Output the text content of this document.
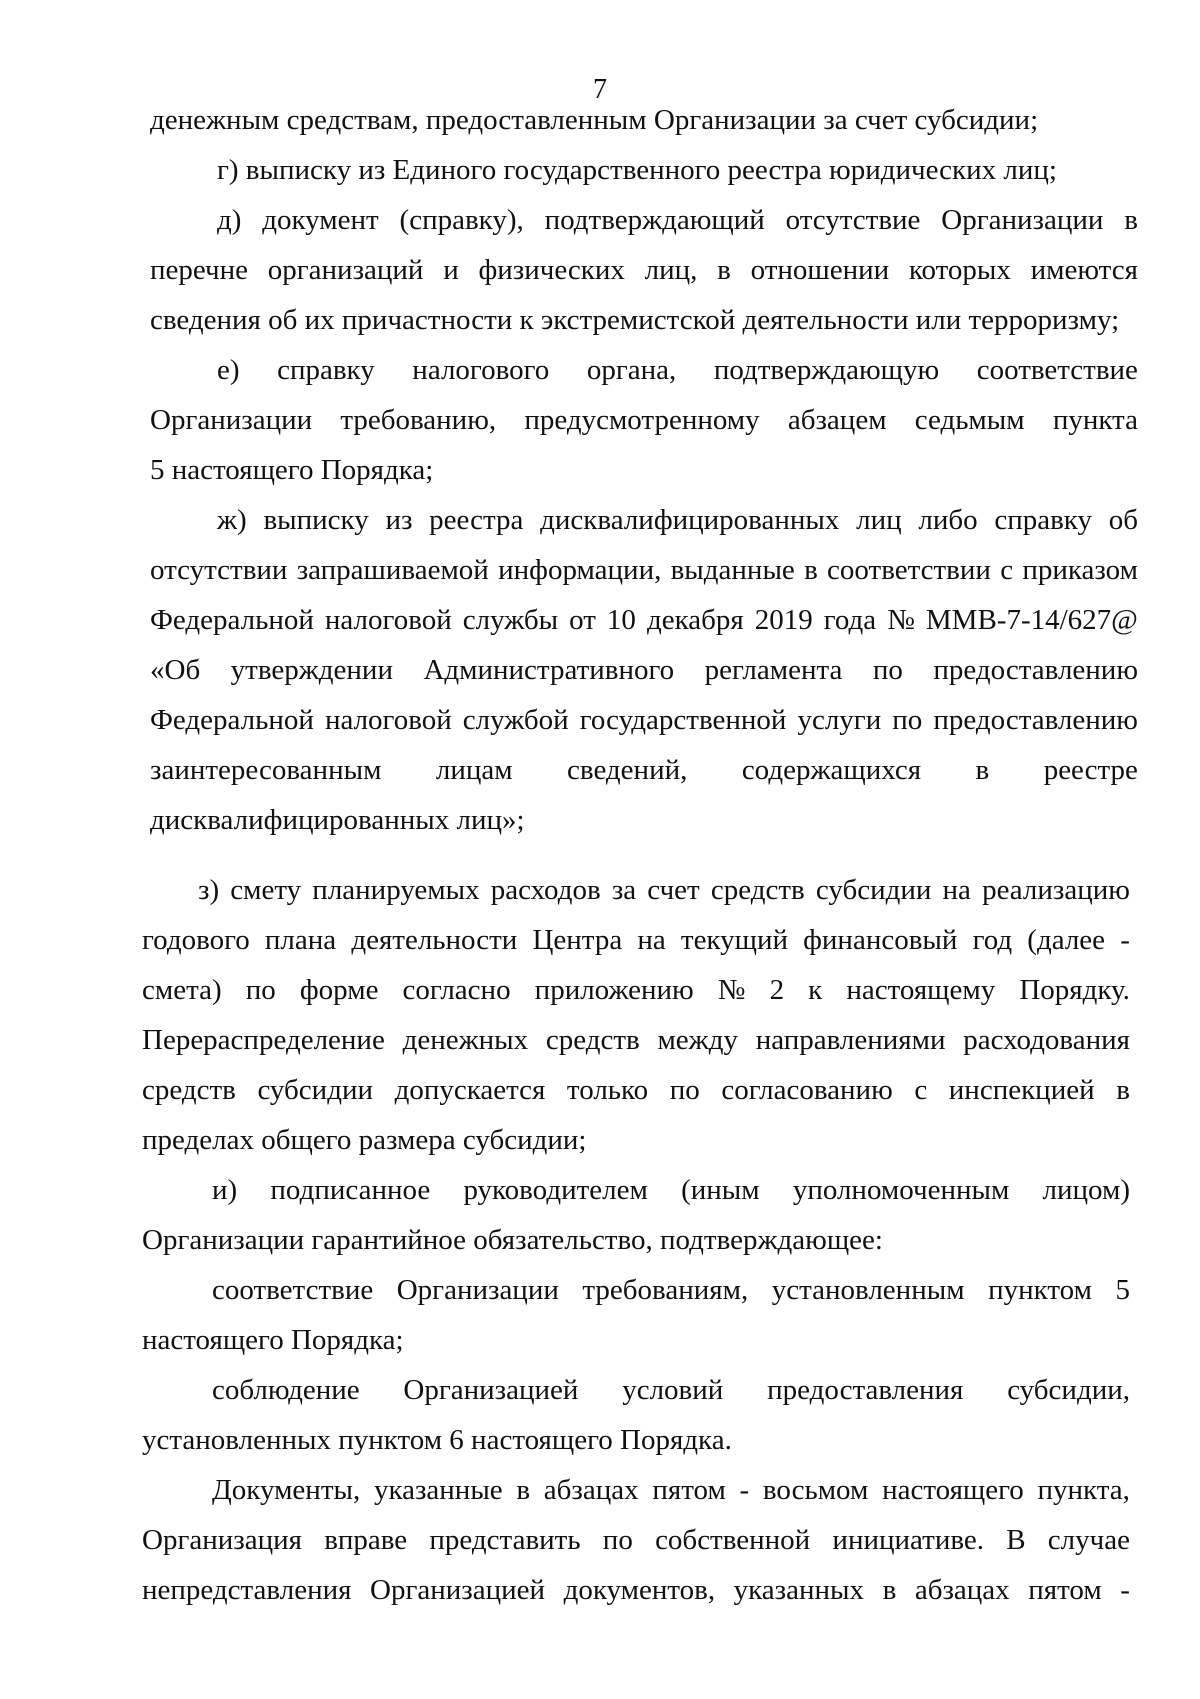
7
денежным средствам, предоставленным Организации за счет субсидии;
г) выписку из Единого государственного реестра юридических лиц;
д) документ (справку), подтверждающий отсутствие Организации в
перечне организаций и физических лиц, в отношении которых имеются
сведения об их причастности к экстремистской деятельности или терроризму;
е) справку налогового органа, подтверждающую соответствие
Организации требованию, предусмотренному абзацем седьмым пункта
5 настоящего Порядка;
ж) выписку из реестра дисквалифицированных лиц либо справку об
отсутствии запрашиваемой информации, выданные в соответствии с приказом
Федеральной налоговой службы от 10 декабря 2019 года № ММВ-7-14/627@
«Об утверждении Административного регламента по предоставлению
Федеральной налоговой службой государственной услуги по предоставлению
заинтересованным лицам сведений, содержащихся в реестре
дисквалифицированных лиц»;
з) смету планируемых расходов за счет средств субсидии на реализацию
годового плана деятельности Центра на текущий финансовый год (далее -
смета) по форме согласно приложению № 2 к настоящему Порядку.
Перераспределение денежных средств между направлениями расходования
средств субсидии допускается только по согласованию с инспекцией в
пределах общего размера субсидии;
и) подписанное руководителем (иным уполномоченным лицом)
Организации гарантийное обязательство, подтверждающее:
соответствие Организации требованиям, установленным пунктом 5
настоящего Порядка;
соблюдение Организацией условий предоставления субсидии,
установленных пунктом 6 настоящего Порядка.
Документы, указанные в абзацах пятом - восьмом настоящего пункта,
Организация вправе представить по собственной инициативе. В случае
непредставления Организацией документов, указанных в абзацах пятом -
